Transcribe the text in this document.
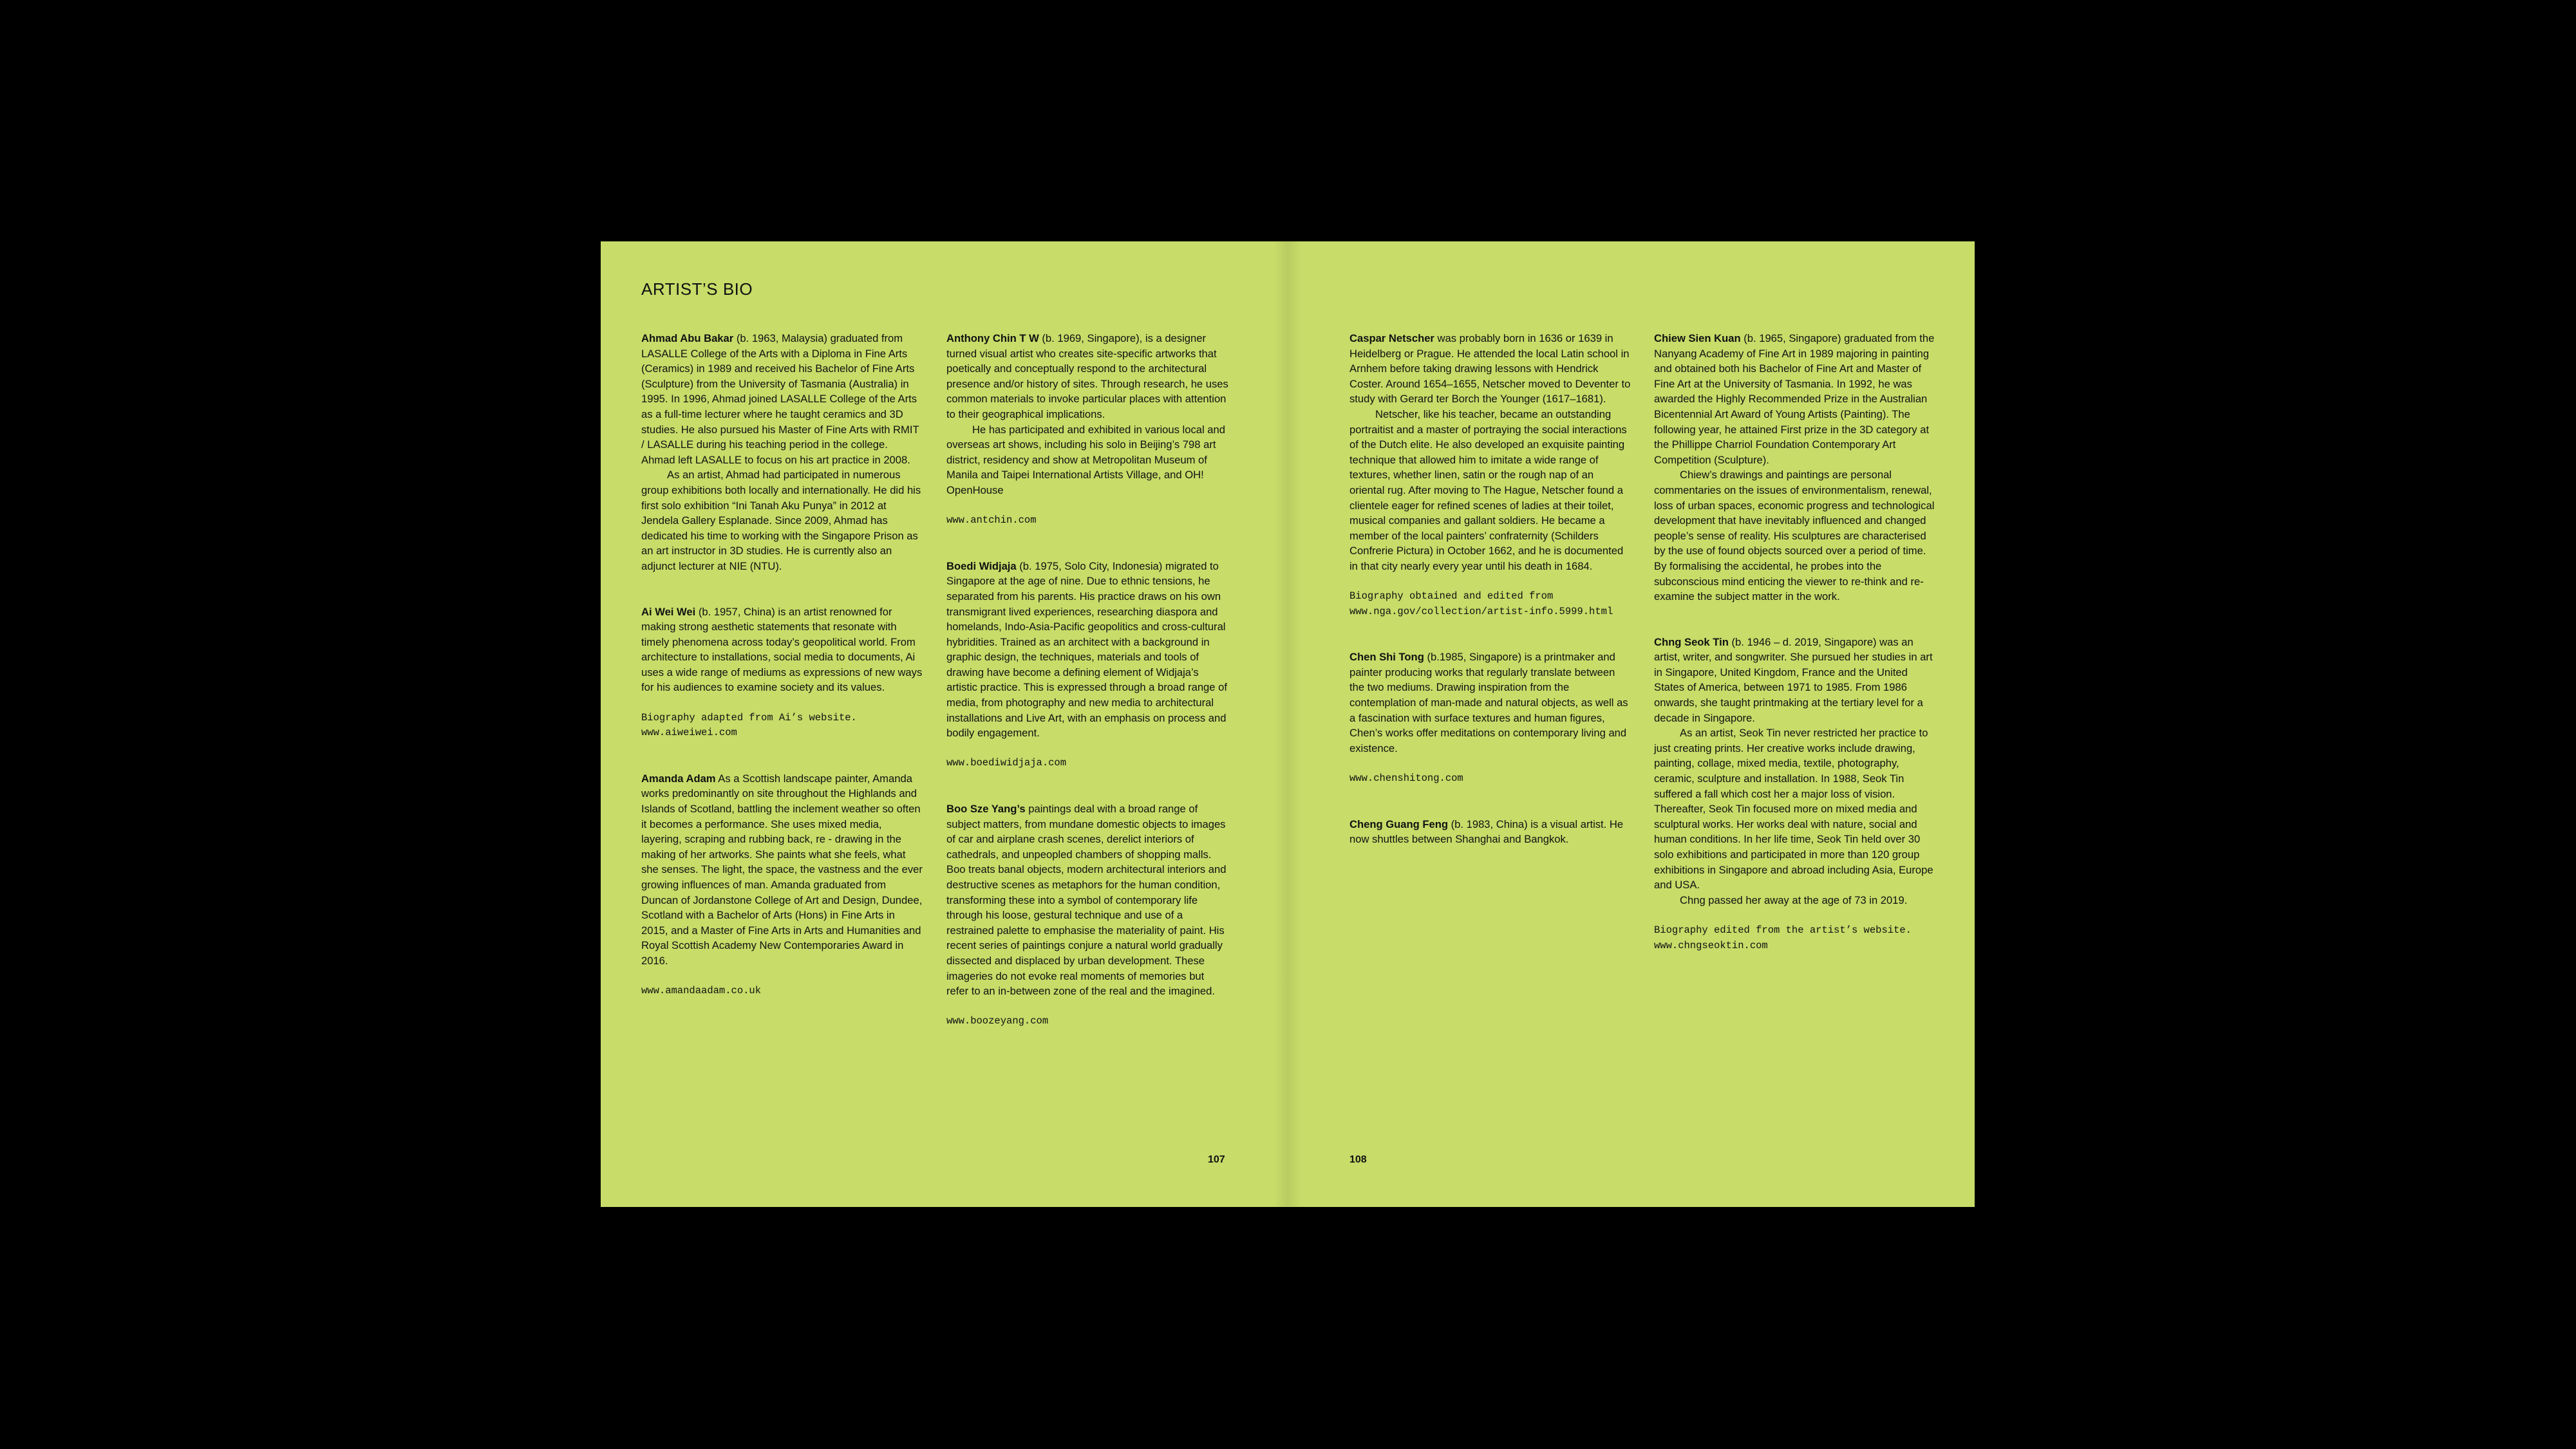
ARTIST’S BIO

Ahmad Abu Bakar (b. 1963, Malaysia) graduated from LASALLE College of the Arts with a Diploma in Fine Arts (Ceramics) in 1989 and received his Bachelor of Fine Arts (Sculpture) from the University of Tasmania (Australia) in 1995. In 1996, Ahmad joined LASALLE College of the Arts as a full-time lecturer where he taught ceramics and 3D studies. He also pursued his Master of Fine Arts with RMIT / LASALLE during his teaching period in the college. Ahmad left LASALLE to focus on his art practice in 2008.

As an artist, Ahmad had participated in numerous group exhibitions both locally and internationally. He did his first solo exhibition “Ini Tanah Aku Punya” in 2012 at Jendela Gallery Esplanade. Since 2009, Ahmad has dedicated his time to working with the Singapore Prison as an art instructor in 3D studies. He is currently also an adjunct lecturer at NIE (NTU).

Ai Wei Wei (b. 1957, China) is an artist renowned for making strong aesthetic statements that resonate with timely phenomena across today’s geopolitical world. From architecture to installations, social media to documents, Ai uses a wide range of mediums as expressions of new ways for his audiences to examine society and its values.

Biography adapted from Ai’s website.
www.aiweiwei.com

Amanda Adam As a Scottish landscape painter, Amanda works predominantly on site throughout the Highlands and Islands of Scotland, battling the inclement weather so often it becomes a performance. She uses mixed media, layering, scraping and rubbing back, re - drawing in the making of her artworks. She paints what she feels, what she senses. The light, the space, the vastness and the ever growing influences of man. Amanda graduated from Duncan of Jordanstone College of Art and Design, Dundee, Scotland with a Bachelor of Arts (Hons) in Fine Arts in 2015, and a Master of Fine Arts in Arts and Humanities and Royal Scottish Academy New Contemporaries Award in 2016.

www.amandaadam.co.uk

Anthony Chin T W (b. 1969, Singapore), is a designer turned visual artist who creates site-specific artworks that poetically and conceptually respond to the architectural presence and/or history of sites. Through research, he uses common materials to invoke particular places with attention to their geographical implications.

He has participated and exhibited in various local and overseas art shows, including his solo in Beijing’s 798 art district, residency and show at Metropolitan Museum of Manila and Taipei International Artists Village, and OH! OpenHouse

www.antchin.com

Boedi Widjaja (b. 1975, Solo City, Indonesia) migrated to Singapore at the age of nine. Due to ethnic tensions, he separated from his parents. His practice draws on his own transmigrant lived experiences, researching diaspora and homelands, Indo-Asia-Pacific geopolitics and cross-cultural hybridities. Trained as an architect with a background in graphic design, the techniques, materials and tools of drawing have become a defining element of Widjaja’s artistic practice. This is expressed through a broad range of media, from photography and new media to architectural installations and Live Art, with an emphasis on process and bodily engagement.

www.boediwidjaja.com

Boo Sze Yang’s paintings deal with a broad range of subject matters, from mundane domestic objects to images of car and airplane crash scenes, derelict interiors of cathedrals, and unpeopled chambers of shopping malls. Boo treats banal objects, modern architectural interiors and destructive scenes as metaphors for the human condition, transforming these into a symbol of contemporary life through his loose, gestural technique and use of a restrained palette to emphasise the materiality of paint. His recent series of paintings conjure a natural world gradually dissected and displaced by urban development. These imageries do not evoke real moments of memories but refer to an in-between zone of the real and the imagined.

www.boozeyang.com

Caspar Netscher was probably born in 1636 or 1639 in Heidelberg or Prague. He attended the local Latin school in Arnhem before taking drawing lessons with Hendrick Coster. Around 1654–1655, Netscher moved to Deventer to study with Gerard ter Borch the Younger (1617–1681).

Netscher, like his teacher, became an outstanding portraitist and a master of portraying the social interactions of the Dutch elite. He also developed an exquisite painting technique that allowed him to imitate a wide range of textures, whether linen, satin or the rough nap of an oriental rug. After moving to The Hague, Netscher found a clientele eager for refined scenes of ladies at their toilet, musical companies and gallant soldiers. He became a member of the local painters’ confraternity (Schilders Confrerie Pictura) in October 1662, and he is documented in that city nearly every year until his death in 1684.

Biography obtained and edited from
www.nga.gov/collection/artist-info.5999.html

Chen Shi Tong (b.1985, Singapore) is a printmaker and painter producing works that regularly translate between the two mediums. Drawing inspiration from the contemplation of man-made and natural objects, as well as a fascination with surface textures and human figures, Chen’s works offer meditations on contemporary living and existence.

www.chenshitong.com

Cheng Guang Feng (b. 1983, China) is a visual artist. He now shuttles between Shanghai and Bangkok.

Chiew Sien Kuan (b. 1965, Singapore) graduated from the Nanyang Academy of Fine Art in 1989 majoring in painting and obtained both his Bachelor of Fine Art and Master of Fine Art at the University of Tasmania. In 1992, he was awarded the Highly Recommended Prize in the Australian Bicentennial Art Award of Young Artists (Painting). The following year, he attained First prize in the 3D category at the Phillippe Charriol Foundation Contemporary Art Competition (Sculpture).

Chiew’s drawings and paintings are personal commentaries on the issues of environmentalism, renewal, loss of urban spaces, economic progress and technological development that have inevitably influenced and changed people’s sense of reality. His sculptures are characterised by the use of found objects sourced over a period of time. By formalising the accidental, he probes into the subconscious mind enticing the viewer to re-think and re-examine the subject matter in the work.

Chng Seok Tin (b. 1946 – d. 2019, Singapore) was an artist, writer, and songwriter. She pursued her studies in art in Singapore, United Kingdom, France and the United States of America, between 1971 to 1985. From 1986 onwards, she taught printmaking at the tertiary level for a decade in Singapore.

As an artist, Seok Tin never restricted her practice to just creating prints. Her creative works include drawing, painting, collage, mixed media, textile, photography, ceramic, sculpture and installation. In 1988, Seok Tin suffered a fall which cost her a major loss of vision. Thereafter, Seok Tin focused more on mixed media and sculptural works. Her works deal with nature, social and human conditions. In her life time, Seok Tin held over 30 solo exhibitions and participated in more than 120 group exhibitions in Singapore and abroad including Asia, Europe and USA.

Chng passed her away at the age of 73 in 2019.

Biography edited from the artist’s website.
www.chngseoktin.com
107	108
